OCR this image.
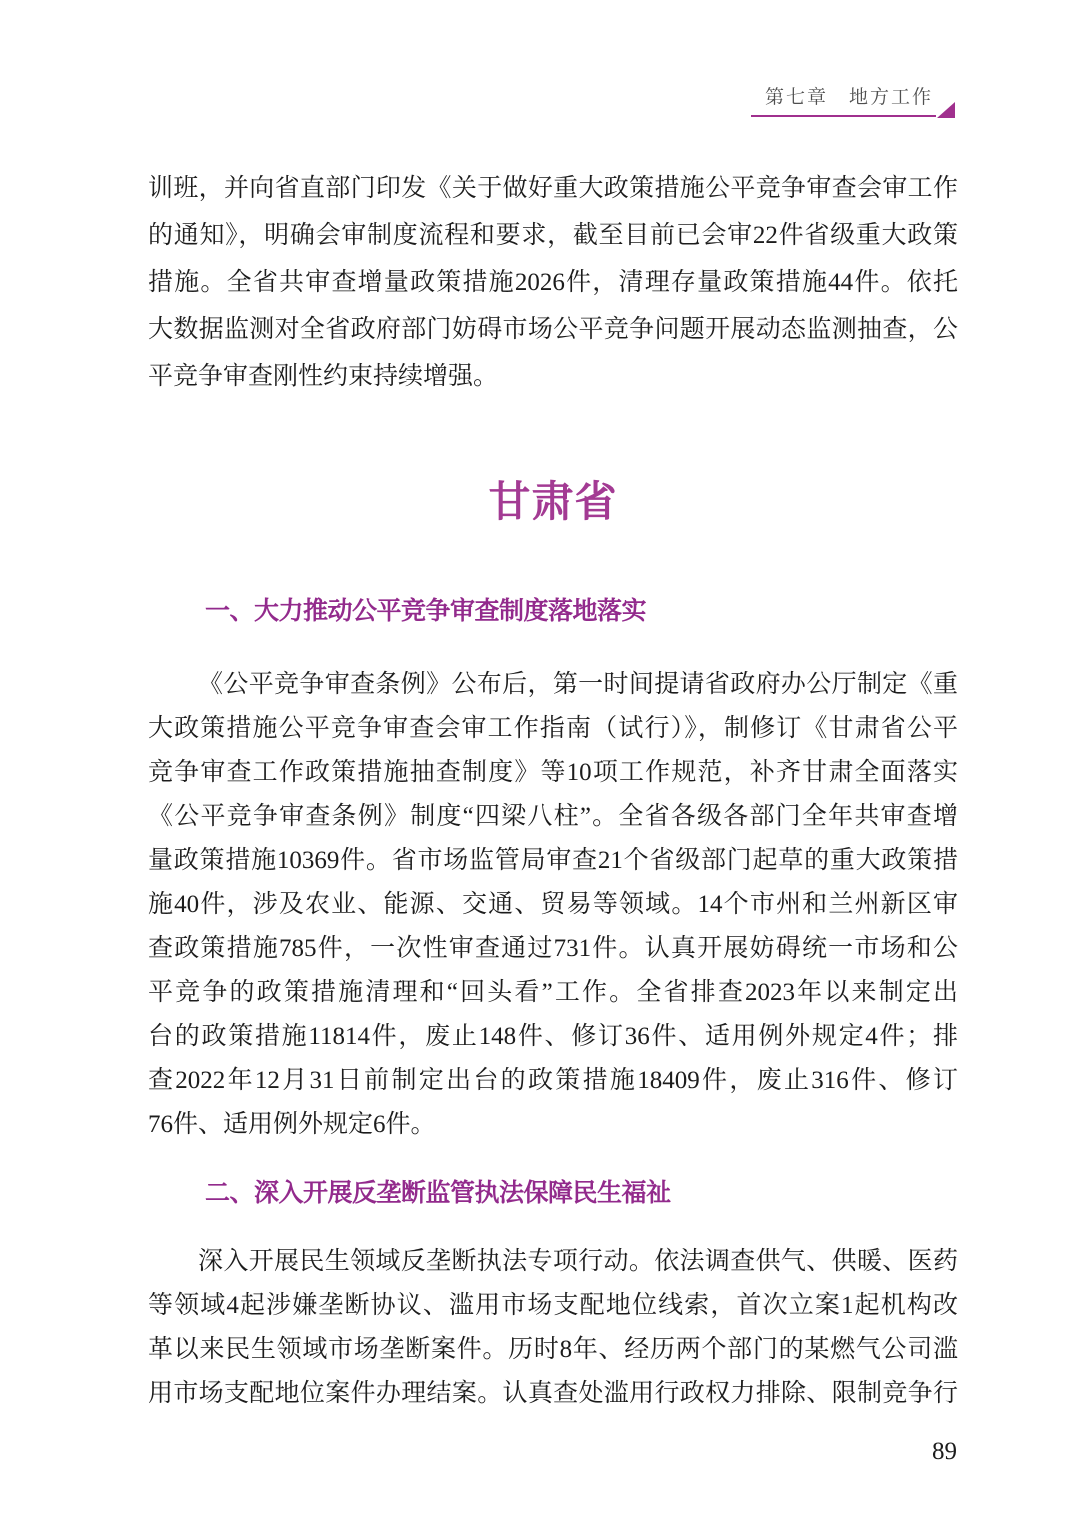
第七章　地方工作
训班，并向省直部门印发《关于做好重大政策措施公平竞争审查会审工作
的通知》，明确会审制度流程和要求，截至目前已会审22件省级重大政策
措施。全省共审查增量政策措施2026件，清理存量政策措施44件。依托
大数据监测对全省政府部门妨碍市场公平竞争问题开展动态监测抽查，公
平竞争审查刚性约束持续增强。
甘肃省
一、大力推动公平竞争审查制度落地落实
《公平竞争审查条例》公布后，第一时间提请省政府办公厅制定《重
大政策措施公平竞争审查会审工作指南（试行）》，制修订《甘肃省公平
竞争审查工作政策措施抽查制度》等10项工作规范，补齐甘肃全面落实
《公平竞争审查条例》制度“四梁八柱”。全省各级各部门全年共审查增
量政策措施10369件。省市场监管局审查21个省级部门起草的重大政策措
施40件，涉及农业、能源、交通、贸易等领域。14个市州和兰州新区审
查政策措施785件，一次性审查通过731件。认真开展妨碍统一市场和公
平竞争的政策措施清理和“回头看”工作。全省排查2023年以来制定出
台的政策措施11814件，废止148件、修订36件、适用例外规定4件；排
查2022年12月31日前制定出台的政策措施18409件，废止316件、修订
76件、适用例外规定6件。
二、深入开展反垄断监管执法保障民生福祉
深入开展民生领域反垄断执法专项行动。依法调查供气、供暖、医药
等领域4起涉嫌垄断协议、滥用市场支配地位线索，首次立案1起机构改
革以来民生领域市场垄断案件。历时8年、经历两个部门的某燃气公司滥
用市场支配地位案件办理结案。认真查处滥用行政权力排除、限制竞争行
89
